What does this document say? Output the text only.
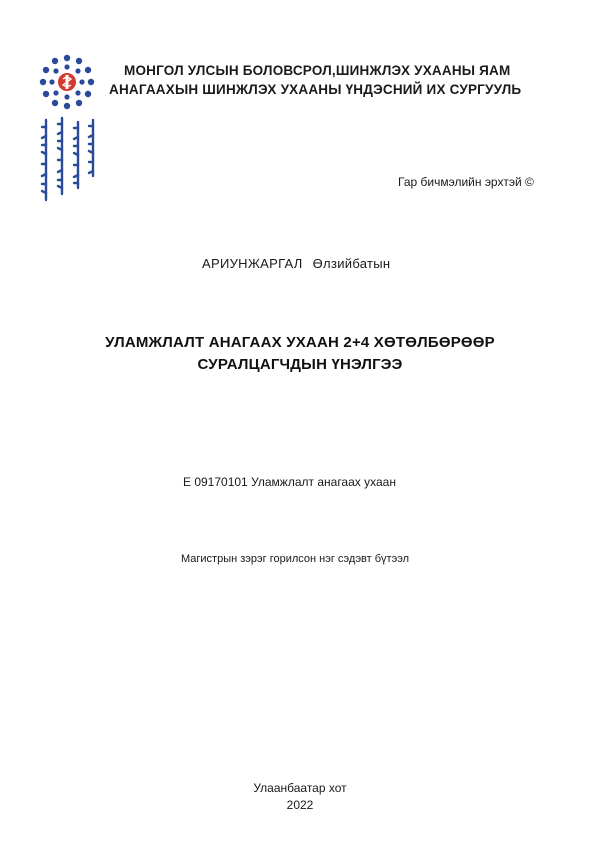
МОНГОЛ УЛСЫН БОЛОВСРОЛ,ШИНЖЛЭХ УХААНЫ ЯАМ
АНАГААХЫН ШИНЖЛЭХ УХААНЫ ҮНДЭСНИЙ ИХ СУРГУУЛЬ
Гар бичмэлийн эрхтэй ©
АРИУНЖАРГАЛ Өлзийбатын
УЛАМЖЛАЛТ АНАГААХ УХААН 2+4 ХӨТӨЛБӨРӨӨР
СУРАЛЦАГЧДЫН ҮНЭЛГЭЭ
E 09170101 Уламжлалт анагаах ухаан
Магистрын зэрэг горилсон нэг сэдэвт бүтээл
Улаанбаатар хот
2022
